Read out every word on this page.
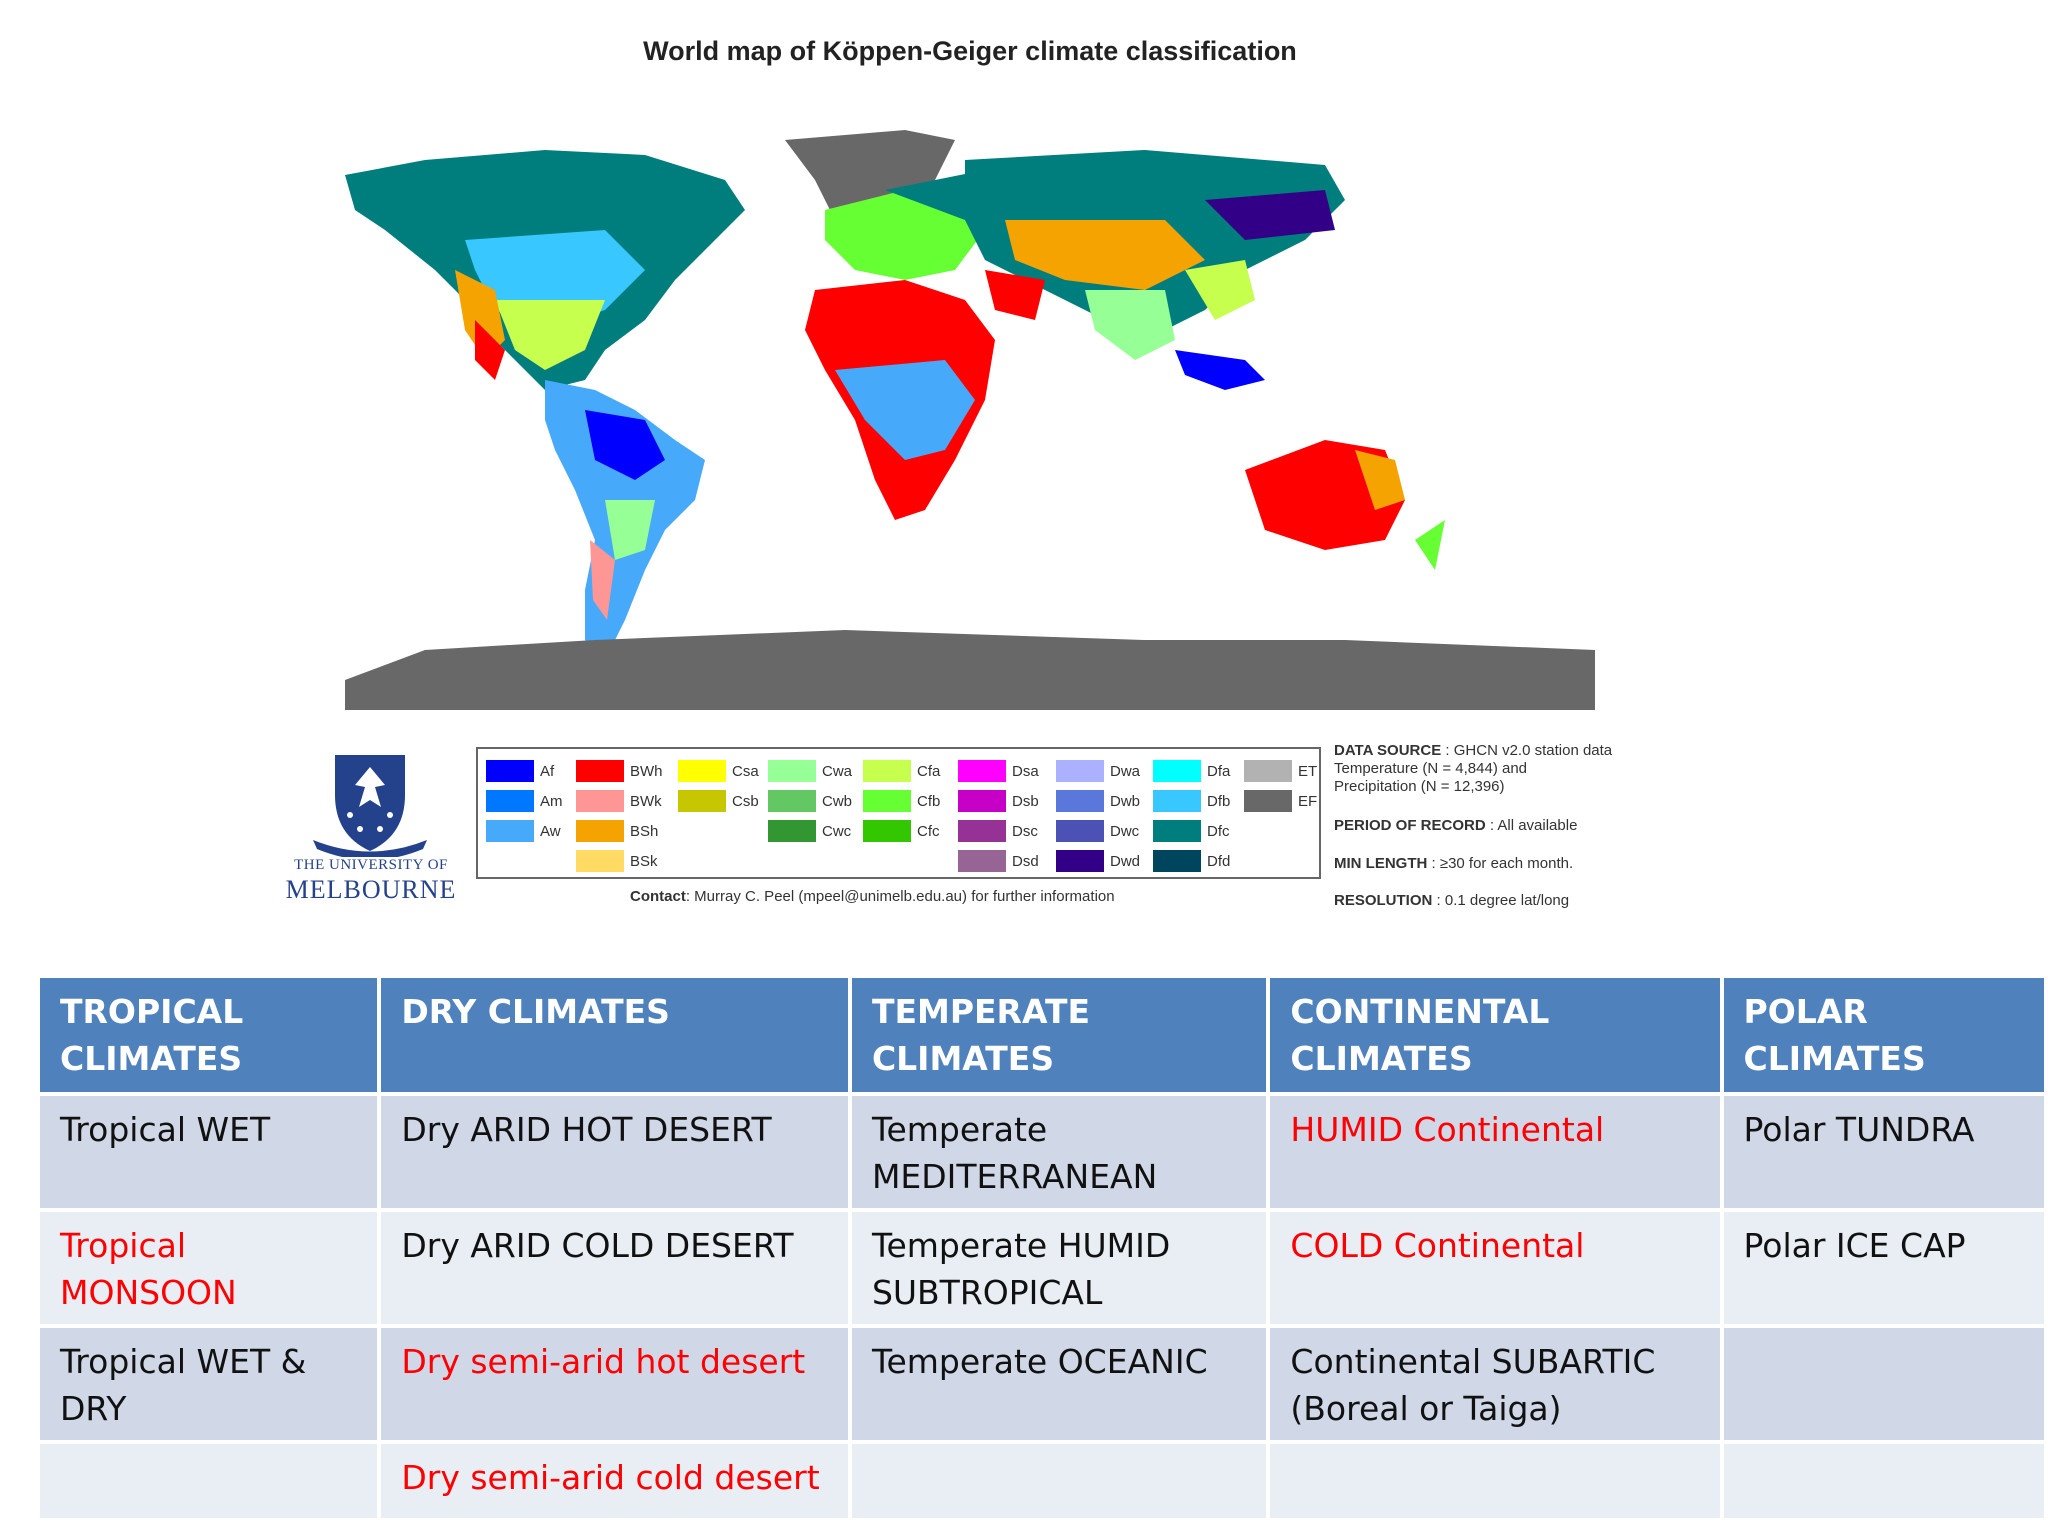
World map of Köppen-Geiger climate classification
THE UNIVERSITY OF
MELBOURNE
Af
Am
Aw
BWh
BWk
BSh
BSk
Csa
Csb
Cwa
Cwb
Cwc
Cfa
Cfb
Cfc
Dsa
Dsb
Dsc
Dsd
Dwa
Dwb
Dwc
Dwd
Dfa
Dfb
Dfc
Dfd
ET
EF
Contact: Murray C. Peel (mpeel@unimelb.edu.au) for further information
DATA SOURCE : GHCN v2.0 station data
Temperature (N = 4,844) and
Precipitation (N = 12,396)
PERIOD OF RECORD : All available
MIN LENGTH : ≥30 for each month.
RESOLUTION : 0.1 degree lat/long
TROPICAL CLIMATES	DRY CLIMATES	TEMPERATE CLIMATES	CONTINENTAL CLIMATES	POLAR CLIMATES
Tropical WET	Dry ARID HOT DESERT	Temperate MEDITERRANEAN	HUMID Continental	Polar TUNDRA
Tropical MONSOON	Dry ARID COLD DESERT	Temperate HUMID SUBTROPICAL	COLD Continental	Polar ICE CAP
Tropical WET & DRY	Dry semi-arid hot desert	Temperate OCEANIC	Continental SUBARTIC (Boreal or Taiga)	
	Dry semi-arid cold desert			
